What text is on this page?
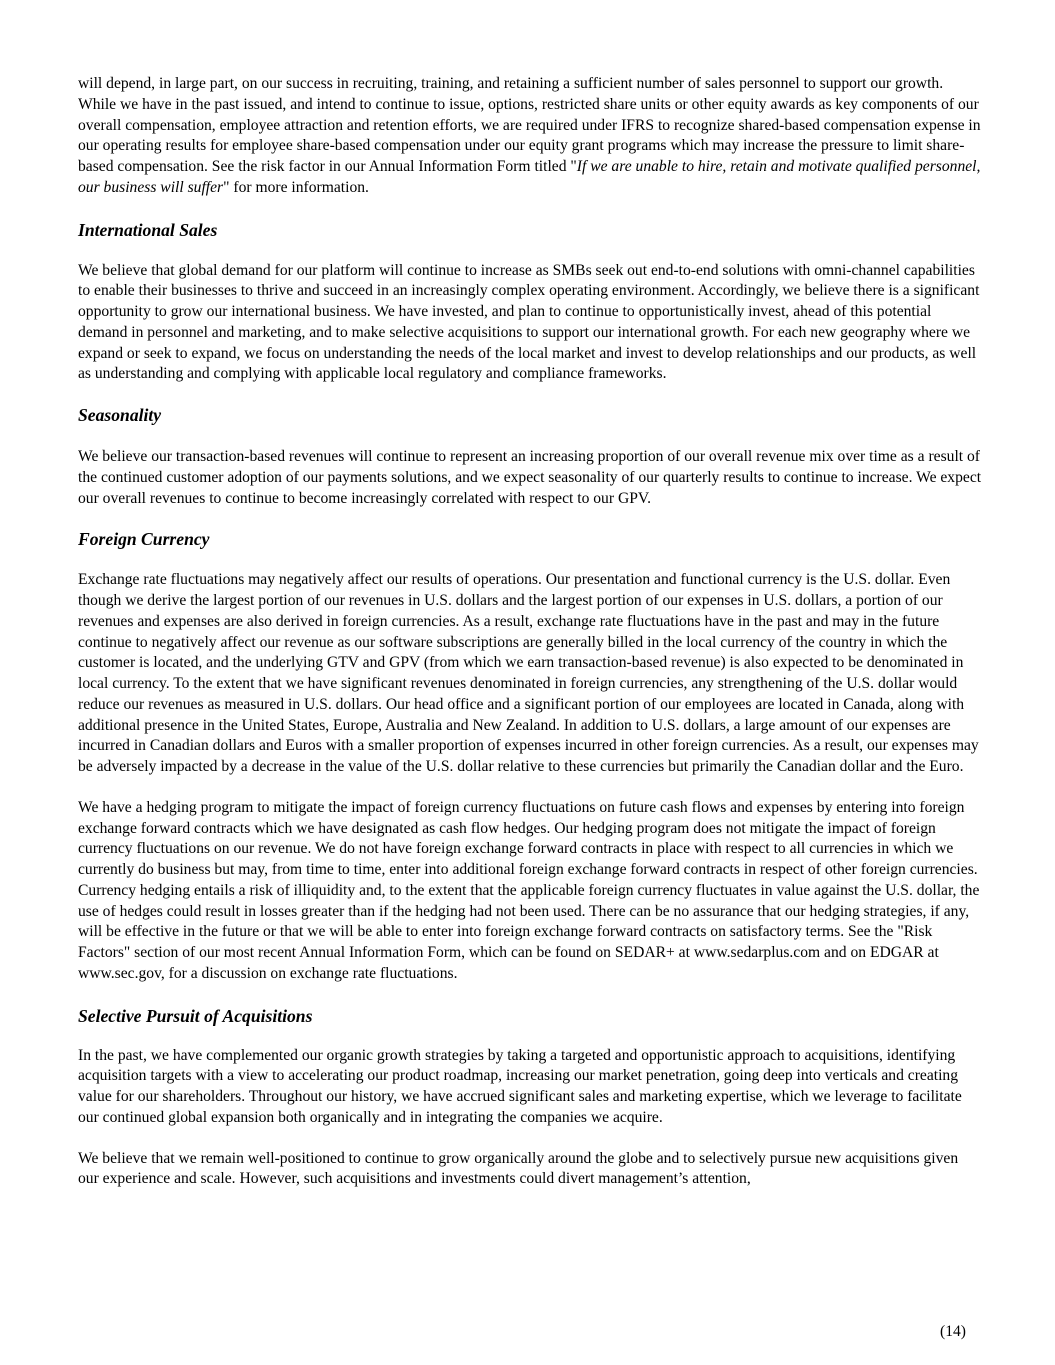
will depend, in large part, on our success in recruiting, training, and retaining a sufficient number of sales personnel to support our growth. While we have in the past issued, and intend to continue to issue, options, restricted share units or other equity awards as key components of our overall compensation, employee attraction and retention efforts, we are required under IFRS to recognize shared-based compensation expense in our operating results for employee share-based compensation under our equity grant programs which may increase the pressure to limit share-based compensation. See the risk factor in our Annual Information Form titled "If we are unable to hire, retain and motivate qualified personnel, our business will suffer" for more information.

International Sales

We believe that global demand for our platform will continue to increase as SMBs seek out end-to-end solutions with omni-channel capabilities to enable their businesses to thrive and succeed in an increasingly complex operating environment. Accordingly, we believe there is a significant opportunity to grow our international business. We have invested, and plan to continue to opportunistically invest, ahead of this potential demand in personnel and marketing, and to make selective acquisitions to support our international growth. For each new geography where we expand or seek to expand, we focus on understanding the needs of the local market and invest to develop relationships and our products, as well as understanding and complying with applicable local regulatory and compliance frameworks.

Seasonality

We believe our transaction-based revenues will continue to represent an increasing proportion of our overall revenue mix over time as a result of the continued customer adoption of our payments solutions, and we expect seasonality of our quarterly results to continue to increase. We expect our overall revenues to continue to become increasingly correlated with respect to our GPV.

Foreign Currency

Exchange rate fluctuations may negatively affect our results of operations. Our presentation and functional currency is the U.S. dollar. Even though we derive the largest portion of our revenues in U.S. dollars and the largest portion of our expenses in U.S. dollars, a portion of our revenues and expenses are also derived in foreign currencies. As a result, exchange rate fluctuations have in the past and may in the future continue to negatively affect our revenue as our software subscriptions are generally billed in the local currency of the country in which the customer is located, and the underlying GTV and GPV (from which we earn transaction-based revenue) is also expected to be denominated in local currency. To the extent that we have significant revenues denominated in foreign currencies, any strengthening of the U.S. dollar would reduce our revenues as measured in U.S. dollars. Our head office and a significant portion of our employees are located in Canada, along with additional presence in the United States, Europe, Australia and New Zealand. In addition to U.S. dollars, a large amount of our expenses are incurred in Canadian dollars and Euros with a smaller proportion of expenses incurred in other foreign currencies. As a result, our expenses may be adversely impacted by a decrease in the value of the U.S. dollar relative to these currencies but primarily the Canadian dollar and the Euro.

We have a hedging program to mitigate the impact of foreign currency fluctuations on future cash flows and expenses by entering into foreign exchange forward contracts which we have designated as cash flow hedges. Our hedging program does not mitigate the impact of foreign currency fluctuations on our revenue. We do not have foreign exchange forward contracts in place with respect to all currencies in which we currently do business but may, from time to time, enter into additional foreign exchange forward contracts in respect of other foreign currencies. Currency hedging entails a risk of illiquidity and, to the extent that the applicable foreign currency fluctuates in value against the U.S. dollar, the use of hedges could result in losses greater than if the hedging had not been used. There can be no assurance that our hedging strategies, if any, will be effective in the future or that we will be able to enter into foreign exchange forward contracts on satisfactory terms. See the "Risk Factors" section of our most recent Annual Information Form, which can be found on SEDAR+ at www.sedarplus.com and on EDGAR at www.sec.gov, for a discussion on exchange rate fluctuations.

Selective Pursuit of Acquisitions

In the past, we have complemented our organic growth strategies by taking a targeted and opportunistic approach to acquisitions, identifying acquisition targets with a view to accelerating our product roadmap, increasing our market penetration, going deep into verticals and creating value for our shareholders. Throughout our history, we have accrued significant sales and marketing expertise, which we leverage to facilitate our continued global expansion both organically and in integrating the companies we acquire.

We believe that we remain well-positioned to continue to grow organically around the globe and to selectively pursue new acquisitions given our experience and scale. However, such acquisitions and investments could divert management’s attention,

(14)
